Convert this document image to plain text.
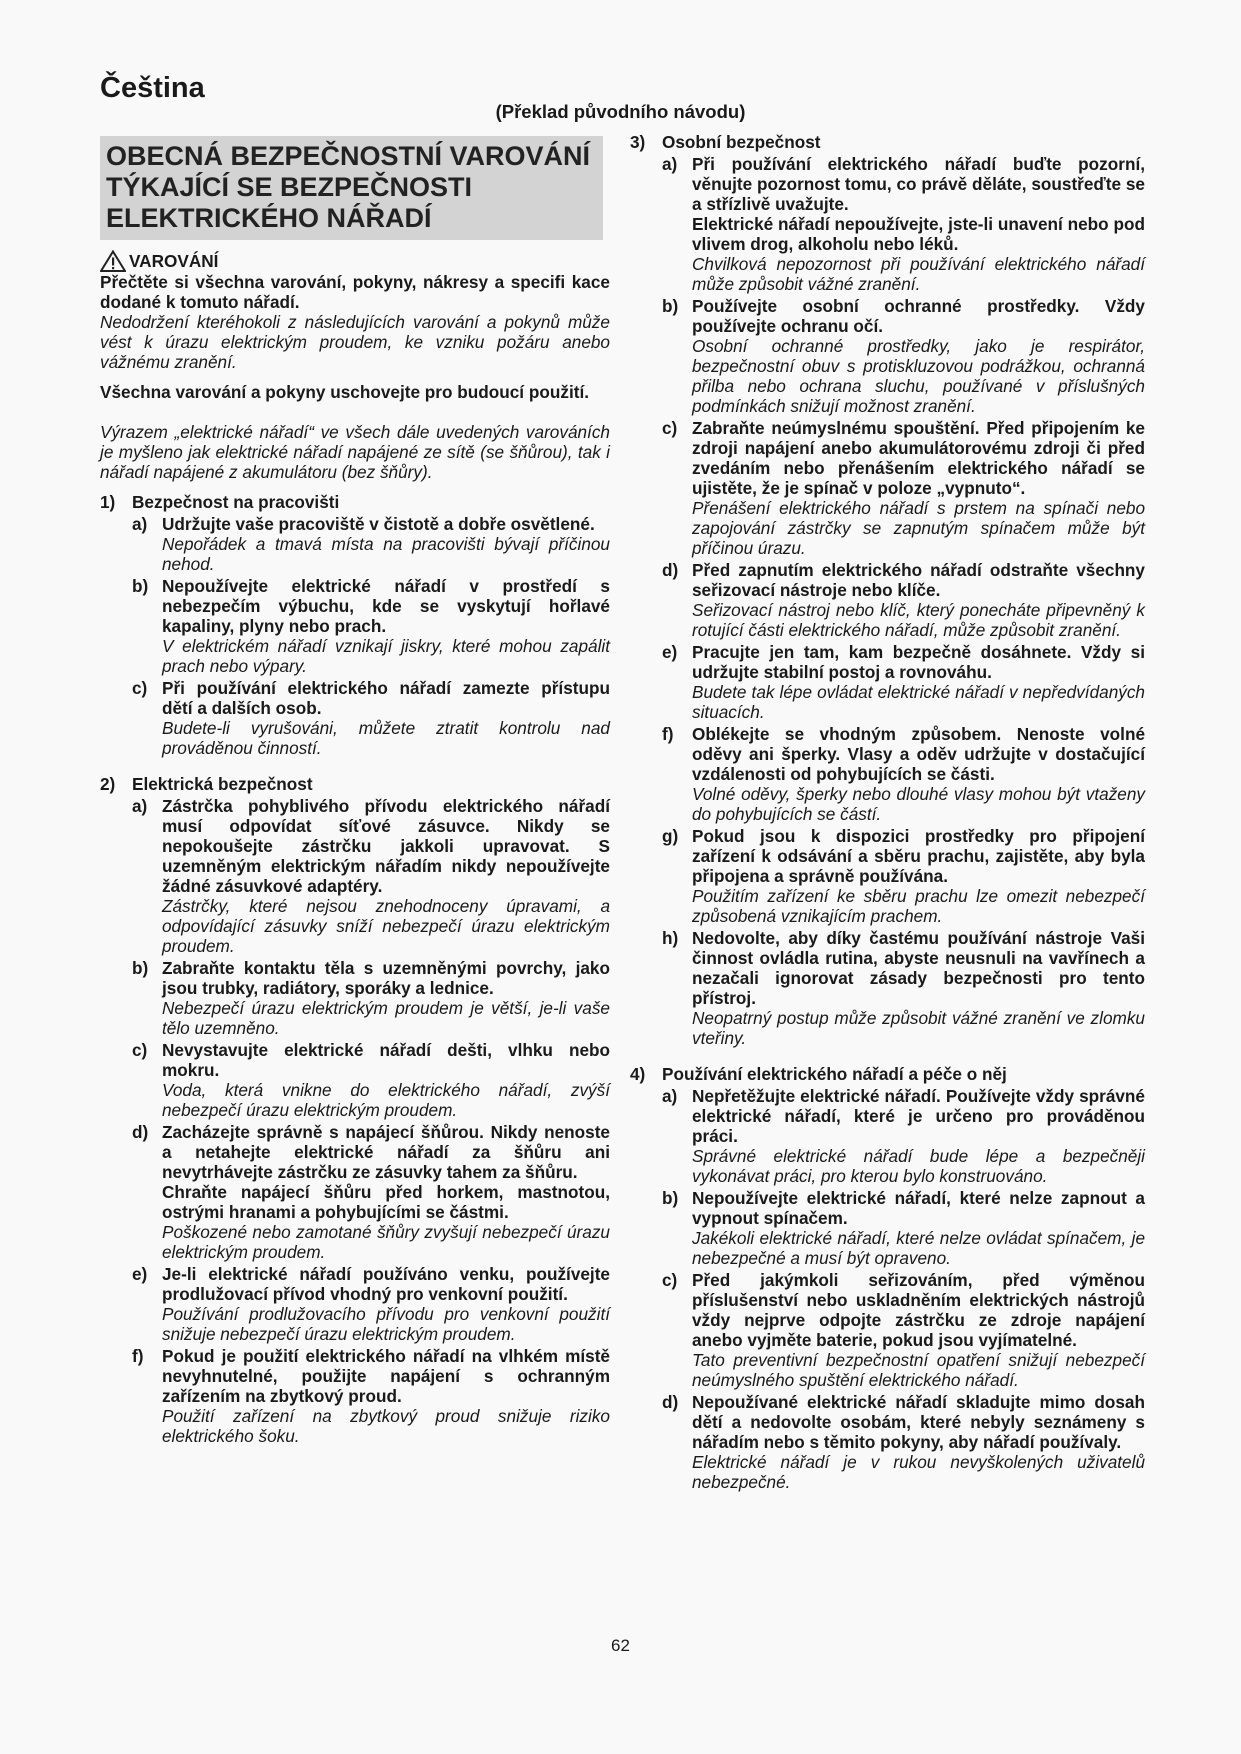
Čeština
(Překlad původního návodu)
OBECNÁ BEZPEČNOSTNÍ VAROVÁNÍ
TÝKAJÍCÍ SE BEZPEČNOSTI
ELEKTRICKÉHO NÁŘADÍ
VAROVÁNÍ

Přečtěte si všechna varování, pokyny, nákresy a specifi kace dodané k tomuto nářadí.

Nedodržení kteréhokoli z následujících varování a pokynů může vést k úrazu elektrickým proudem, ke vzniku požáru anebo vážnému zranění.

Všechna varování a pokyny uschovejte pro budoucí použití.

Výrazem „elektrické nářadí“ ve všech dále uvedených varováních je myšleno jak elektrické nářadí napájené ze sítě (se šňůrou), tak i nářadí napájené z akumulátoru (bez šňůry).

1) Bezpečnost na pracovišti
a) Udržujte vaše pracoviště v čistotě a dobře osvětlené.

Nepořádek a tmavá místa na pracovišti bývají příčinou nehod.

b) Nepoužívejte elektrické nářadí v prostředí s nebezpečím výbuchu, kde se vyskytují hořlavé kapaliny, plyny nebo prach.

V elektrickém nářadí vznikají jiskry, které mohou zapálit prach nebo výpary.

c) Při používání elektrického nářadí zamezte přístupu dětí a dalších osob.

Budete-li vyrušováni, můžete ztratit kontrolu nad prováděnou činností.

2) Elektrická bezpečnost
a) Zástrčka pohyblivého přívodu elektrického nářadí musí odpovídat síťové zásuvce. Nikdy se nepokoušejte zástrčku jakkoli upravovat. S uzemněným elektrickým nářadím nikdy nepoužívejte žádné zásuvkové adaptéry.

Zástrčky, které nejsou znehodnoceny úpravami, a odpovídající zásuvky sníží nebezpečí úrazu elektrickým proudem.

b) Zabraňte kontaktu těla s uzemněnými povrchy, jako jsou trubky, radiátory, sporáky a lednice.

Nebezpečí úrazu elektrickým proudem je větší, je-li vaše tělo uzemněno.

c) Nevystavujte elektrické nářadí dešti, vlhku nebo mokru.

Voda, která vnikne do elektrického nářadí, zvýší nebezpečí úrazu elektrickým proudem.

d) Zacházejte správně s napájecí šňůrou. Nikdy nenoste a netahejte elektrické nářadí za šňůru ani nevytrhávejte zástrčku ze zásuvky tahem za šňůru.

Chraňte napájecí šňůru před horkem, mastnotou, ostrými hranami a pohybujícími se částmi.

Poškozené nebo zamotané šňůry zvyšují nebezpečí úrazu elektrickým proudem.

e) Je-li elektrické nářadí používáno venku, používejte prodlužovací přívod vhodný pro venkovní použití.

Používání prodlužovacího přívodu pro venkovní použití snižuje nebezpečí úrazu elektrickým proudem.

f)	Pokud je použití elektrického nářadí na vlhkém místě nevyhnutelné, použijte napájení s ochranným zařízením na zbytkový proud.

Použití zařízení na zbytkový proud snižuje riziko elektrického šoku.

3) Osobní bezpečnost
a) Při používání elektrického nářadí buďte pozorní, věnujte pozornost tomu, co právě děláte, soustřeďte se a střízlivě uvažujte.

Elektrické nářadí nepoužívejte, jste-li unavení nebo pod vlivem drog, alkoholu nebo léků.

Chvilková nepozornost při používání elektrického nářadí může způsobit vážné zranění.

b) Používejte osobní ochranné prostředky. Vždy používejte ochranu očí.

Osobní ochranné prostředky, jako je respirátor, bezpečnostní obuv s protiskluzovou podrážkou, ochranná přilba nebo ochrana sluchu, používané v příslušných podmínkách snižují možnost zranění.

c) Zabraňte neúmyslnému spouštění. Před připojením ke zdroji napájení anebo akumulátorovému zdroji či před zvedáním nebo přenášením elektrického nářadí se ujistěte, že je spínač v poloze „vypnuto“.

Přenášení elektrického nářadí s prstem na spínači nebo zapojování zástrčky se zapnutým spínačem může být příčinou úrazu.

d) Před zapnutím elektrického nářadí odstraňte všechny seřizovací nástroje nebo klíče.

Seřizovací nástroj nebo klíč, který ponecháte připevněný k rotující části elektrického nářadí, může způsobit zranění.

e) Pracujte jen tam, kam bezpečně dosáhnete. Vždy si udržujte stabilní postoj a rovnováhu.

Budete tak lépe ovládat elektrické nářadí v nepředvídaných situacích.

f)	Oblékejte se vhodným způsobem. Nenoste volné oděvy ani šperky. Vlasy a oděv udržujte v dostačující vzdálenosti od pohybujících se části.

Volné oděvy, šperky nebo dlouhé vlasy mohou být vtaženy do pohybujících se částí.

g) Pokud jsou k dispozici prostředky pro připojení zařízení k odsávání a sběru prachu, zajistěte, aby byla připojena a správně používána.

Použitím zařízení ke sběru prachu lze omezit nebezpečí způsobená vznikajícím prachem.

h) Nedovolte, aby díky častému používání nástroje Vaši činnost ovládla rutina, abyste neusnuli na vavřínech a nezačali ignorovat zásady bezpečnosti pro tento přístroj.

Neopatrný postup může způsobit vážné zranění ve zlomku vteřiny.

4) Používání elektrického nářadí a péče o něj
a) Nepřetěžujte elektrické nářadí. Používejte vždy správné elektrické nářadí, které je určeno pro prováděnou práci.

Správné elektrické nářadí bude lépe a bezpečněji vykonávat práci, pro kterou bylo konstruováno.

b) Nepoužívejte elektrické nářadí, které nelze zapnout a vypnout spínačem.

Jakékoli elektrické nářadí, které nelze ovládat spínačem, je nebezpečné a musí být opraveno.

c) Před jakýmkoli seřizováním, před výměnou příslušenství nebo uskladněním elektrických nástrojů vždy nejprve odpojte zástrčku ze zdroje napájení anebo vyjměte baterie, pokud jsou vyjímatelné.

Tato preventivní bezpečnostní opatření snižují nebezpečí neúmyslného spuštění elektrického nářadí.

d) Nepoužívané elektrické nářadí skladujte mimo dosah dětí a nedovolte osobám, které nebyly seznámeny s nářadím nebo s těmito pokyny, aby nářadí používaly.

Elektrické nářadí je v rukou nevyškolených uživatelů nebezpečné.

62
